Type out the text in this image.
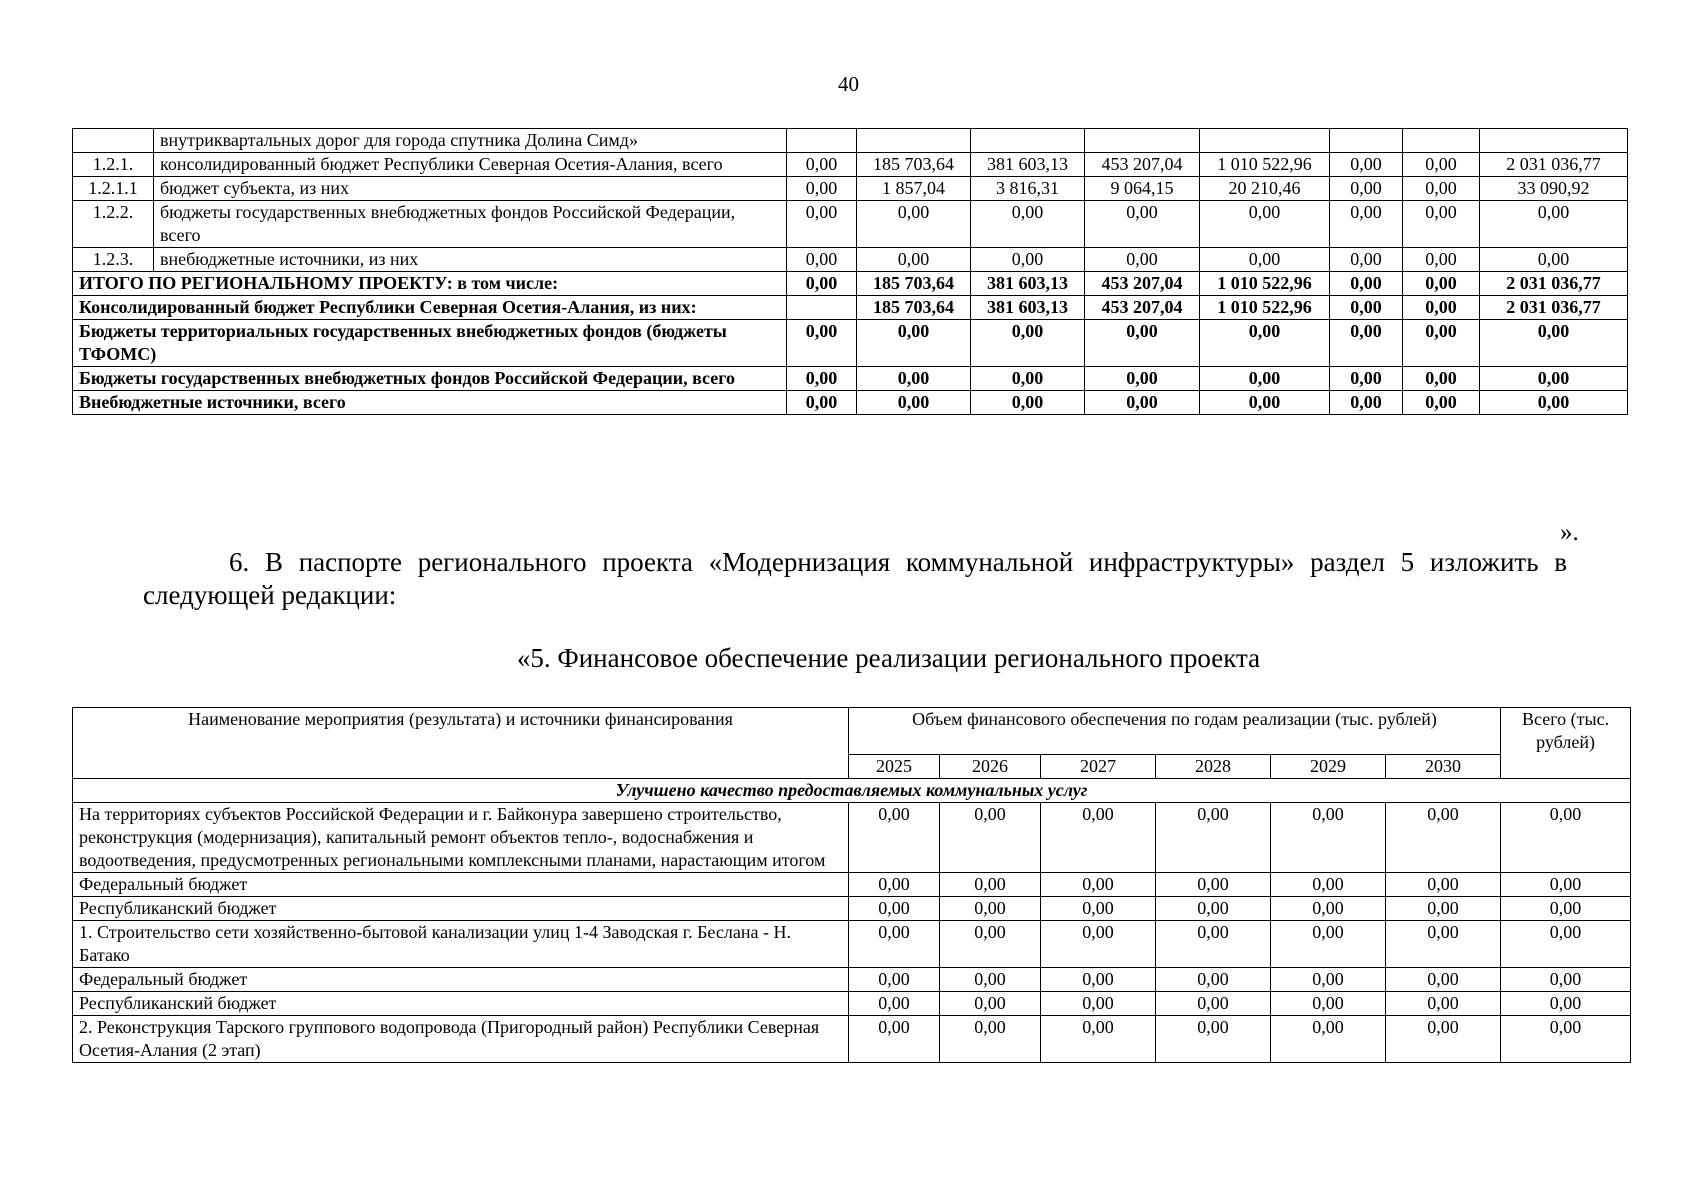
40
	внутриквартальных дорог для города спутника Долина Симд»								
1.2.1.	консолидированный бюджет Республики Северная Осетия-Алания, всего	0,00	185 703,64	381 603,13	453 207,04	1 010 522,96	0,00	0,00	2 031 036,77
1.2.1.1	бюджет субъекта, из них	0,00	1 857,04	3 816,31	9 064,15	20 210,46	0,00	0,00	33 090,92
1.2.2.	бюджеты государственных внебюджетных фондов Российской Федерации, всего	0,00	0,00	0,00	0,00	0,00	0,00	0,00	0,00
1.2.3.	внебюджетные источники, из них	0,00	0,00	0,00	0,00	0,00	0,00	0,00	0,00
ИТОГО ПО РЕГИОНАЛЬНОМУ ПРОЕКТУ: в том числе:		0,00	185 703,64	381 603,13	453 207,04	1 010 522,96	0,00	0,00	2 031 036,77
Консолидированный бюджет Республики Северная Осетия-Алания, из них:			185 703,64	381 603,13	453 207,04	1 010 522,96	0,00	0,00	2 031 036,77
Бюджеты территориальных государственных внебюджетных фондов (бюджеты ТФОМС)		0,00	0,00	0,00	0,00	0,00	0,00	0,00	0,00
Бюджеты государственных внебюджетных фондов Российской Федерации, всего		0,00	0,00	0,00	0,00	0,00	0,00	0,00	0,00
Внебюджетные источники, всего		0,00	0,00	0,00	0,00	0,00	0,00	0,00	0,00
».
6. В паспорте регионального проекта «Модернизация коммунальной инфраструктуры» раздел 5 изложить в следующей редакции:
«5. Финансовое обеспечение реализации регионального проекта
Наименование мероприятия (результата) и источники финансирования	Объем финансового обеспечения по годам реализации (тыс. рублей)						Всего (тыс. рублей)
	2025	2026	2027	2028	2029	2030	
Улучшено качество предоставляемых коммунальных услуг							
На территориях субъектов Российской Федерации и г. Байконура завершено строительство, реконструкция (модернизация), капитальный ремонт объектов тепло-, водоснабжения и водоотведения, предусмотренных региональными комплексными планами, нарастающим итогом	0,00	0,00	0,00	0,00	0,00	0,00	0,00
Федеральный бюджет	0,00	0,00	0,00	0,00	0,00	0,00	0,00
Республиканский бюджет	0,00	0,00	0,00	0,00	0,00	0,00	0,00
1. Строительство сети хозяйственно-бытовой канализации улиц 1-4 Заводская г. Беслана - Н. Батако	0,00	0,00	0,00	0,00	0,00	0,00	0,00
Федеральный бюджет	0,00	0,00	0,00	0,00	0,00	0,00	0,00
Республиканский бюджет	0,00	0,00	0,00	0,00	0,00	0,00	0,00
2. Реконструкция Тарского группового водопровода (Пригородный район) Республики Северная Осетия-Алания (2 этап)	0,00	0,00	0,00	0,00	0,00	0,00	0,00
